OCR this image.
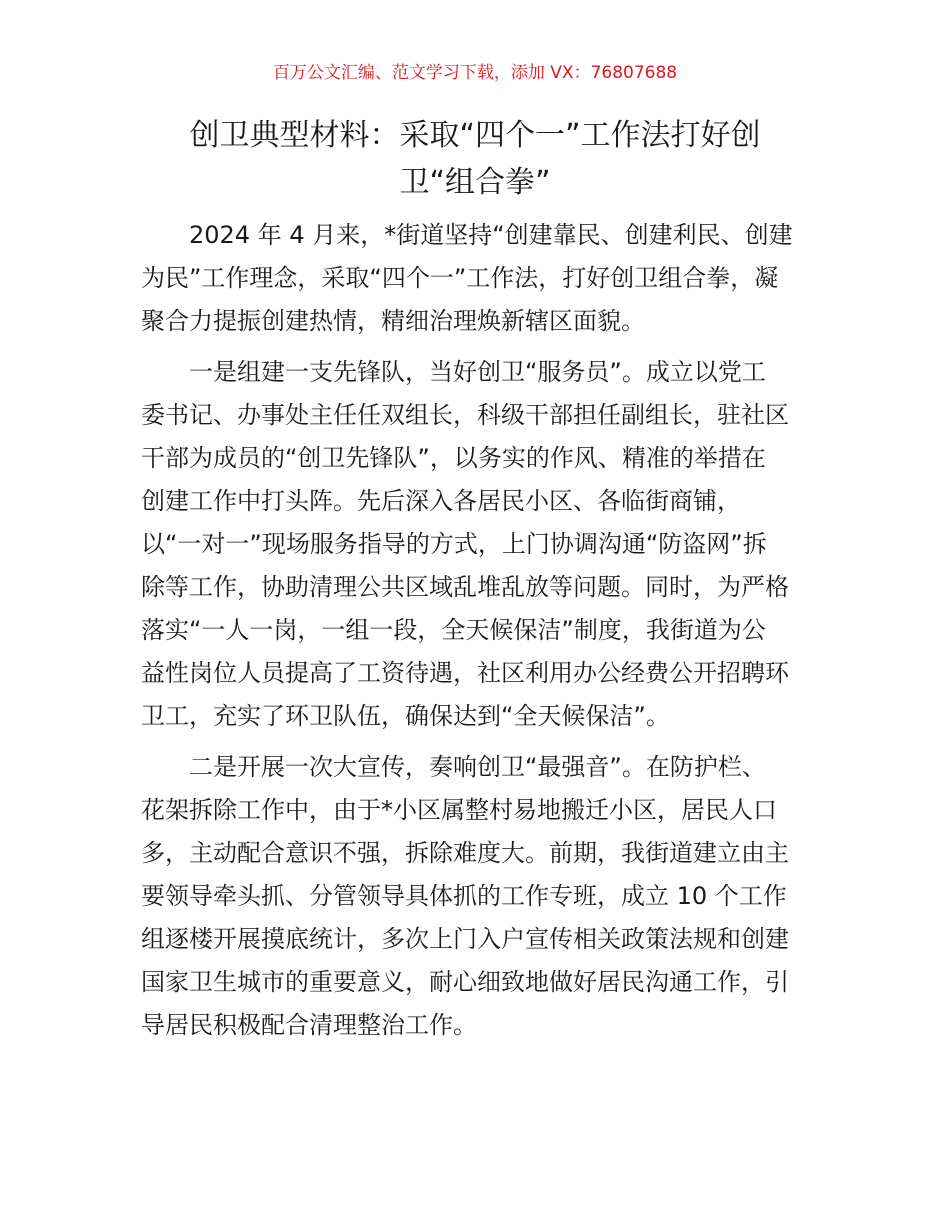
百万公文汇编、范文学习下载，添加 VX：76807688
创卫典型材料：采取“四个一”工作法打好创
卫“组合拳”

2024 年 4 月来，*街道坚持“创建靠民、创建利民、创建
为民”工作理念，采取“四个一”工作法，打好创卫组合拳，凝
聚合力提振创建热情，精细治理焕新辖区面貌。

一是组建一支先锋队，当好创卫“服务员”。成立以党工
委书记、办事处主任任双组长，科级干部担任副组长，驻社区
干部为成员的“创卫先锋队”，以务实的作风、精准的举措在
创建工作中打头阵。先后深入各居民小区、各临街商铺，
以“一对一”现场服务指导的方式，上门协调沟通“防盗网”拆
除等工作，协助清理公共区域乱堆乱放等问题。同时，为严格
落实“一人一岗，一组一段，全天候保洁”制度，我街道为公
益性岗位人员提高了工资待遇，社区利用办公经费公开招聘环
卫工，充实了环卫队伍，确保达到“全天候保洁”。

二是开展一次大宣传，奏响创卫“最强音”。在防护栏、
花架拆除工作中，由于*小区属整村易地搬迁小区，居民人口
多，主动配合意识不强，拆除难度大。前期，我街道建立由主
要领导牵头抓、分管领导具体抓的工作专班，成立 10 个工作
组逐楼开展摸底统计，多次上门入户宣传相关政策法规和创建
国家卫生城市的重要意义，耐心细致地做好居民沟通工作，引
导居民积极配合清理整治工作。
